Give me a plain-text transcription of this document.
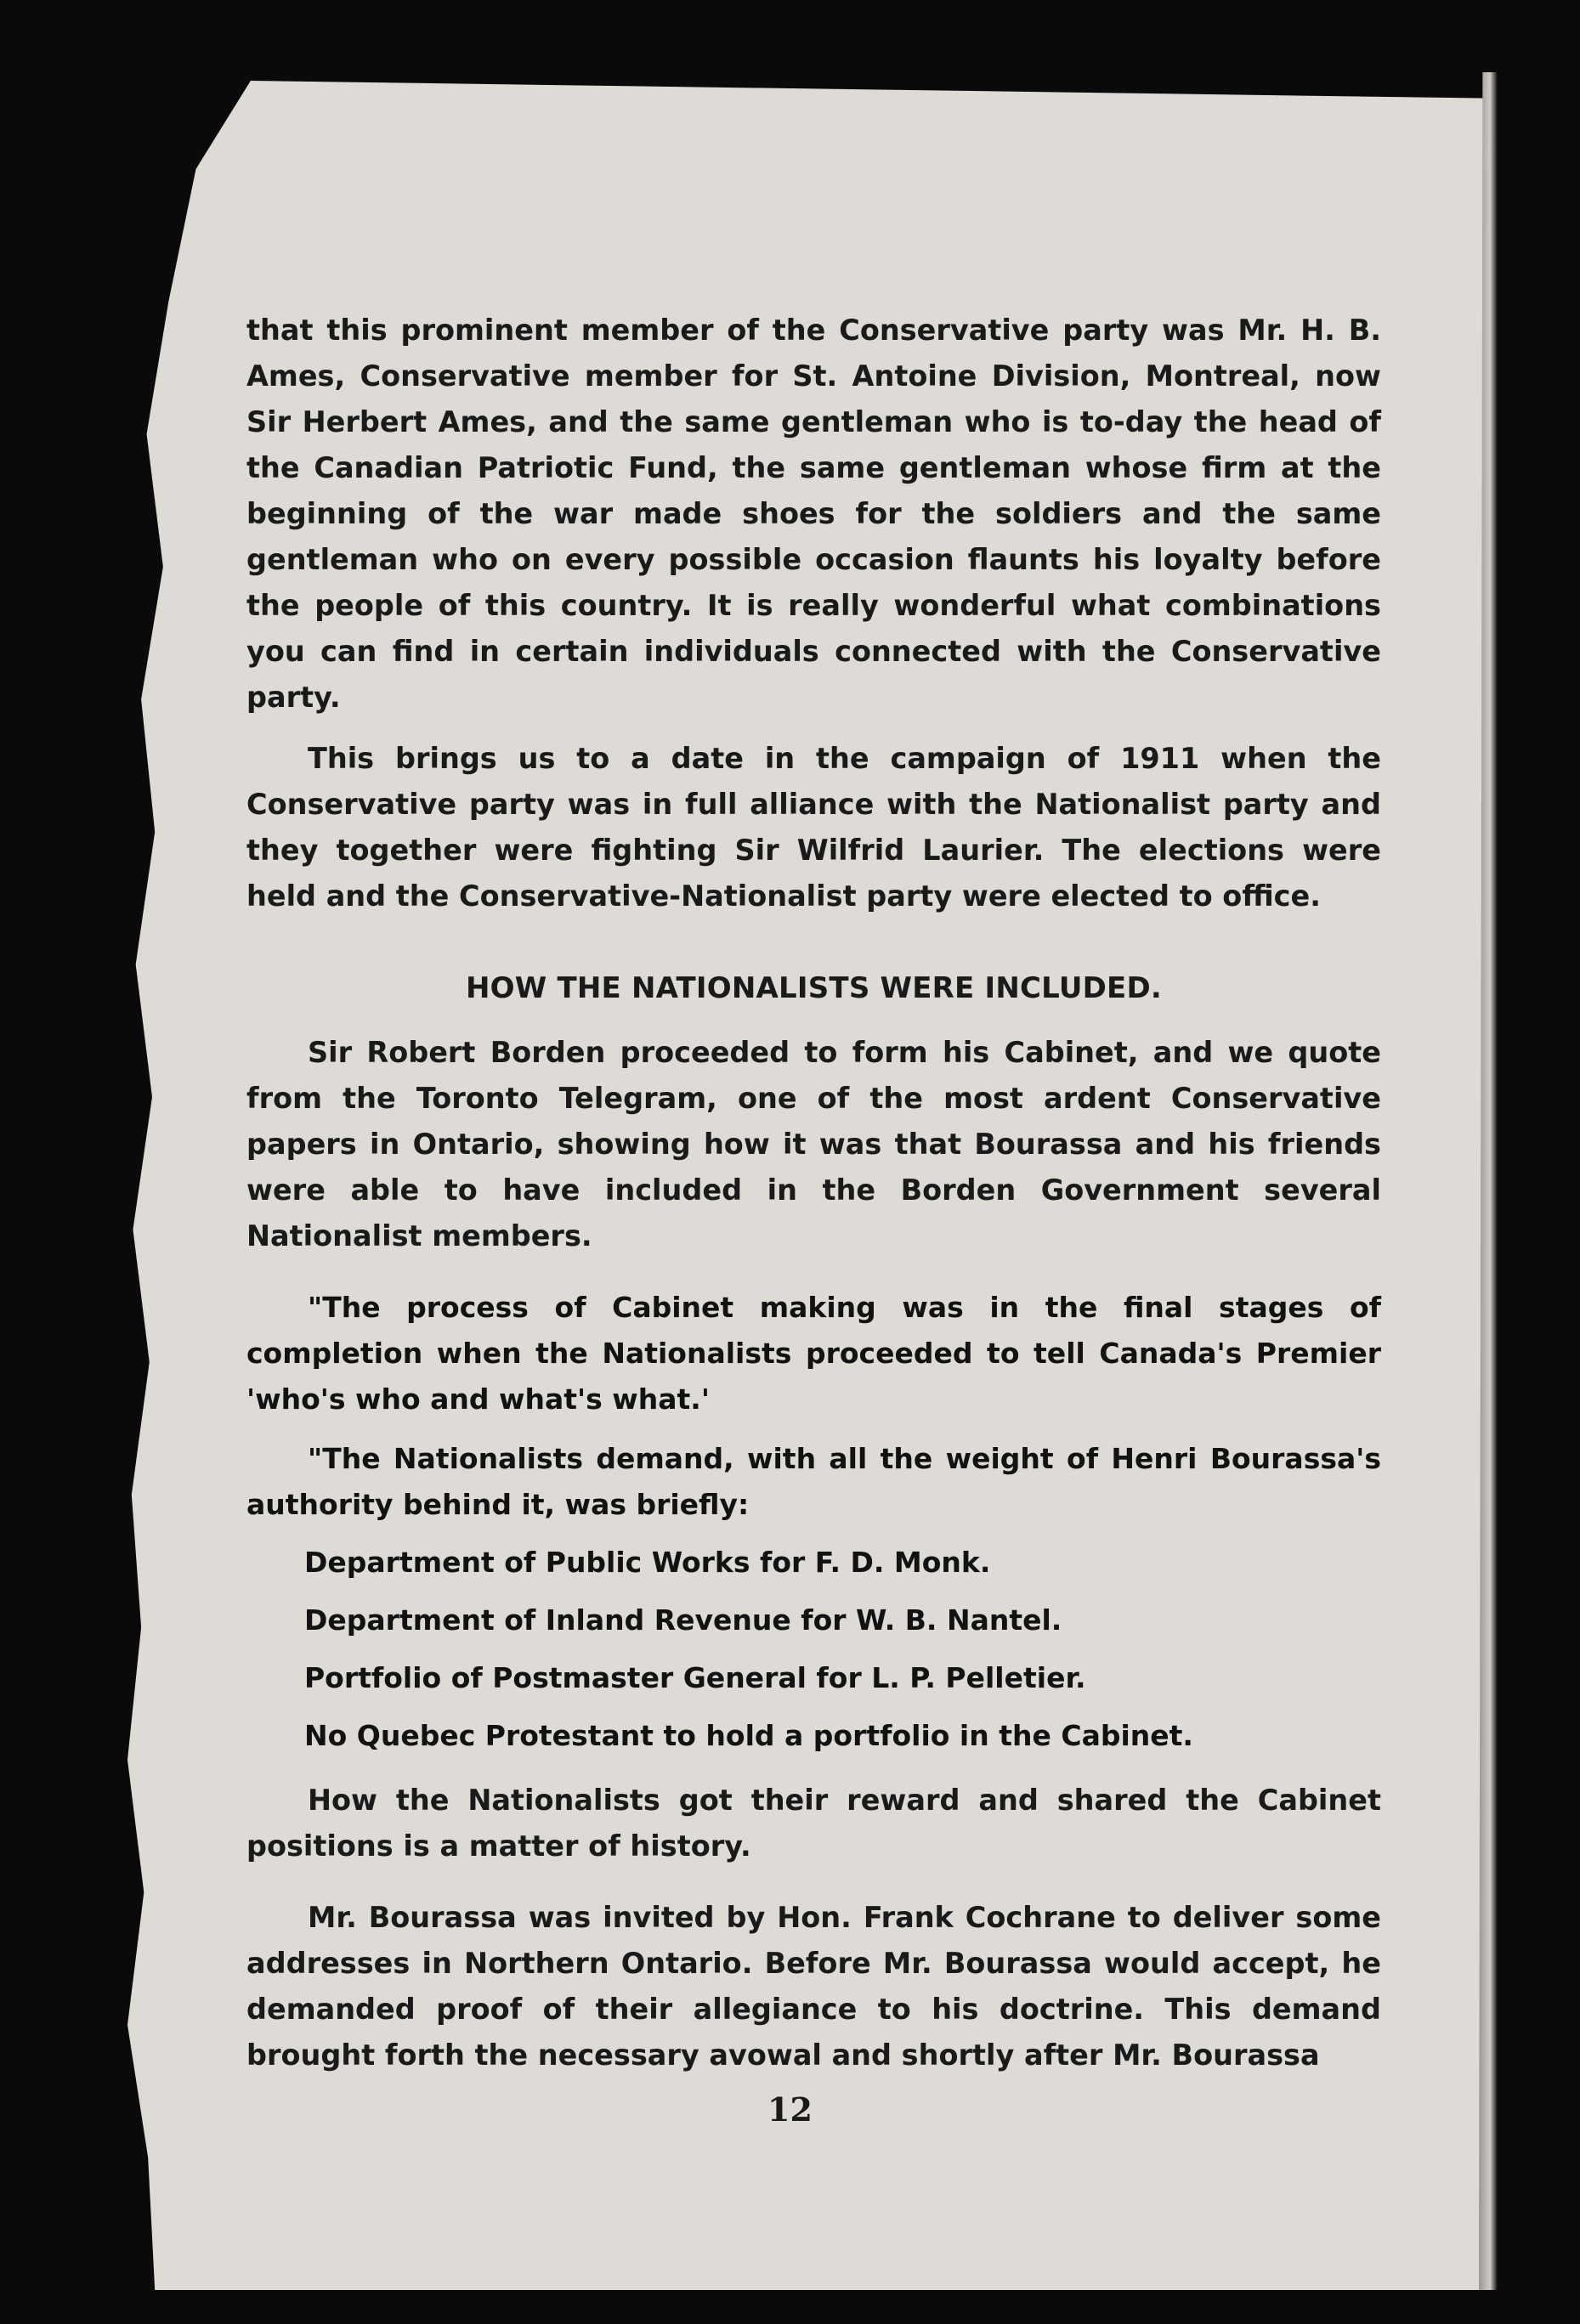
that this prominent member of the Conservative party was Mr. H. B. Ames, Conservative member for St. Antoine Division, Montreal, now Sir Herbert Ames, and the same gentleman who is to-day the head of the Canadian Patriotic Fund, the same gentleman whose firm at the beginning of the war made shoes for the soldiers and the same gentleman who on every possible occasion flaunts his loyalty before the people of this country. It is really wonderful what combinations you can find in certain individuals connected with the Conservative party.

This brings us to a date in the campaign of 1911 when the Conservative party was in full alliance with the Nationalist party and they together were fighting Sir Wilfrid Laurier. The elections were held and the Conservative-Nationalist party were elected to office.

HOW THE NATIONALISTS WERE INCLUDED.

Sir Robert Borden proceeded to form his Cabinet, and we quote from the Toronto Telegram, one of the most ardent Conservative papers in Ontario, showing how it was that Bourassa and his friends were able to have included in the Borden Government several Nationalist members.

"The process of Cabinet making was in the final stages of completion when the Nationalists proceeded to tell Canada's Premier 'who's who and what's what.'

"The Nationalists demand, with all the weight of Henri Bourassa's authority behind it, was briefly:

Department of Public Works for F. D. Monk.

Department of Inland Revenue for W. B. Nantel.

Portfolio of Postmaster General for L. P. Pelletier.

No Quebec Protestant to hold a portfolio in the Cabinet.

How the Nationalists got their reward and shared the Cabinet positions is a matter of history.

Mr. Bourassa was invited by Hon. Frank Cochrane to deliver some addresses in Northern Ontario. Before Mr. Bourassa would accept, he demanded proof of their allegiance to his doctrine. This demand brought forth the necessary avowal and shortly after Mr. Bourassa

12
